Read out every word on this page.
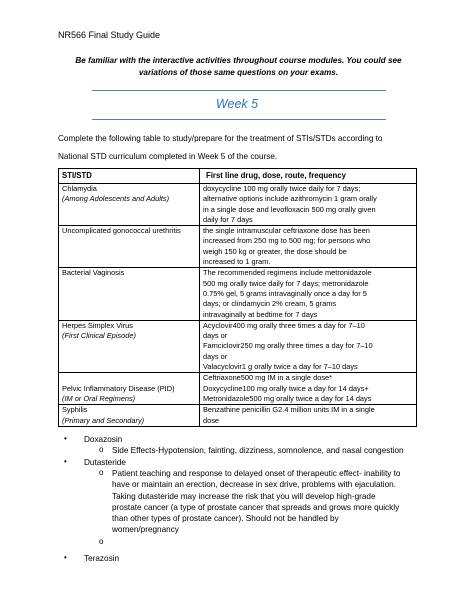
NR566 Final Study Guide
Be familiar with the interactive activities throughout course modules. You could see
variations of those same questions on your exams.
Week 5
Complete the following table to study/prepare for the treatment of STIs/STDs according to
National STD curriculum completed in Week 5 of the course.
STI/STD	First line drug, dose, route, frequency

Chlamydia
(Among Adolescents and Adults)	doxycycline 100 mg orally twice daily for 7 days;
alternative options include azithromycin 1 gram orally
in a single dose and levofloxacin 500 mg orally given
daily for 7 days

Uncomplicated gonococcal urethritis	the single intramuscular ceftriaxone dose has been
increased from 250 mg to 500 mg; for persons who
weigh 150 kg or greater, the dose should be
increased to 1 gram.

Bacterial Vaginosis	The recommended regimens include metronidazole
500 mg orally twice daily for 7 days; metronidazole
0.75% gel, 5 grams intravaginally once a day for 5
days; or clindamycin 2% cream, 5 grams
intravaginally at bedtime for 7 days

Herpes Simplex Virus
(First Clinical Episode)	Acyclovir400 mg orally three times a day for 7–10
days or
Famciclovir250 mg orally three times a day for 7–10
days or
Valacyclovir1 g orally twice a day for 7–10 days

Pelvic Inflammatory Disease (PID)
(IM or Oral Regimens)	Ceftriaxone500 mg IM in a single dose*
Doxycycline100 mg orally twice a day for 14 days+
Metronidazole500 mg orally twice a day for 14 days

Syphilis
(Primary and Secondary)	Benzathine penicillin G2.4 million units IM in a single
dose
• Doxazosin
o Side Effects-Hypotension, fainting, dizziness, somnolence, and nasal congestion
• Dutasteride
o Patient teaching and response to delayed onset of therapeutic effect- inability to
have or maintain an erection, decrease in sex drive, problems with ejaculation.
Taking dutasteride may increase the risk that you will develop high-grade
prostate cancer (a type of prostate cancer that spreads and grows more quickly
than other types of prostate cancer). Should not be handled by
women/pregnancy
o
• Terazosin
